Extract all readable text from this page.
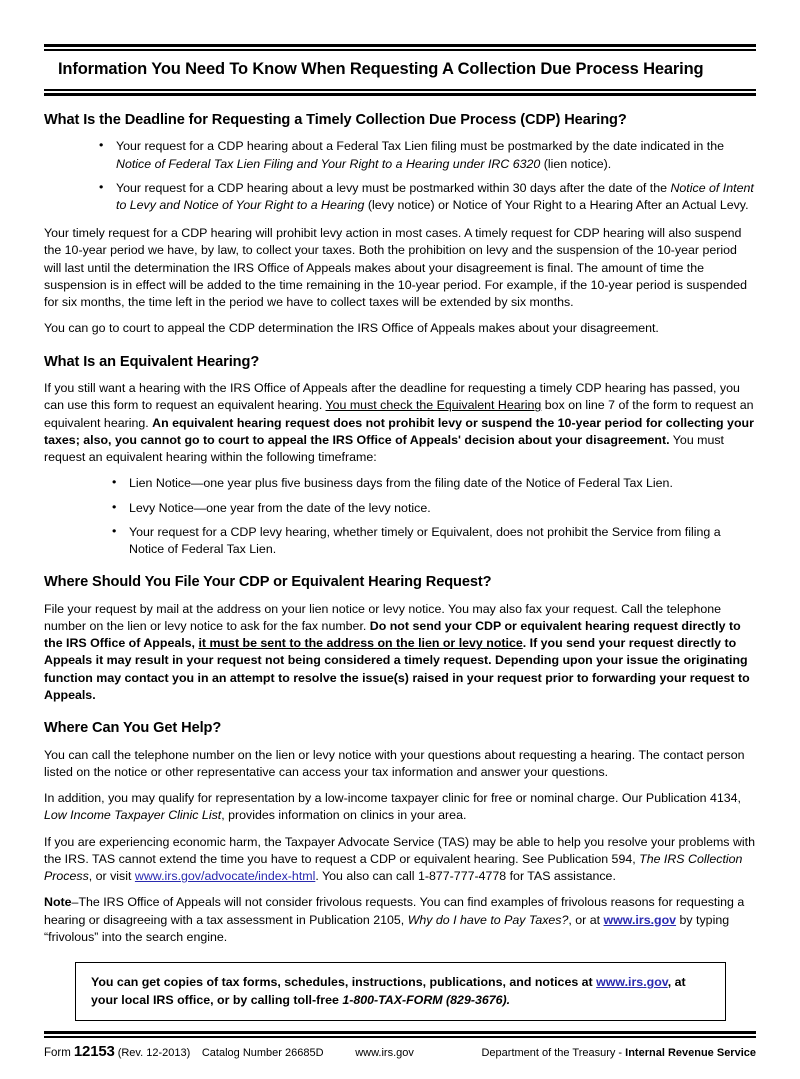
Information You Need To Know When Requesting A Collection Due Process Hearing
What Is the Deadline for Requesting a Timely Collection Due Process (CDP) Hearing?
• Your request for a CDP hearing about a Federal Tax Lien filing must be postmarked by the date indicated in the Notice of Federal Tax Lien Filing and Your Right to a Hearing under IRC 6320 (lien notice).
• Your request for a CDP hearing about a levy must be postmarked within 30 days after the date of the Notice of Intent to Levy and Notice of Your Right to a Hearing (levy notice) or Notice of Your Right to a Hearing After an Actual Levy.

Your timely request for a CDP hearing will prohibit levy action in most cases. A timely request for CDP hearing will also suspend the 10-year period we have, by law, to collect your taxes. Both the prohibition on levy and the suspension of the 10-year period will last until the determination the IRS Office of Appeals makes about your disagreement is final. The amount of time the suspension is in effect will be added to the time remaining in the 10-year period. For example, if the 10-year period is suspended for six months, the time left in the period we have to collect taxes will be extended by six months.

You can go to court to appeal the CDP determination the IRS Office of Appeals makes about your disagreement.

What Is an Equivalent Hearing?

If you still want a hearing with the IRS Office of Appeals after the deadline for requesting a timely CDP hearing has passed, you can use this form to request an equivalent hearing. You must check the Equivalent Hearing box on line 7 of the form to request an equivalent hearing. An equivalent hearing request does not prohibit levy or suspend the 10-year period for collecting your taxes; also, you cannot go to court to appeal the IRS Office of Appeals' decision about your disagreement. You must request an equivalent hearing within the following timeframe:

• Lien Notice—one year plus five business days from the filing date of the Notice of Federal Tax Lien.
• Levy Notice—one year from the date of the levy notice.
• Your request for a CDP levy hearing, whether timely or Equivalent, does not prohibit the Service from filing a Notice of Federal Tax Lien.
Where Should You File Your CDP or Equivalent Hearing Request?

File your request by mail at the address on your lien notice or levy notice. You may also fax your request. Call the telephone number on the lien or levy notice to ask for the fax number. Do not send your CDP or equivalent hearing request directly to the IRS Office of Appeals, it must be sent to the address on the lien or levy notice. If you send your request directly to Appeals it may result in your request not being considered a timely request. Depending upon your issue the originating function may contact you in an attempt to resolve the issue(s) raised in your request prior to forwarding your request to Appeals.

Where Can You Get Help?

You can call the telephone number on the lien or levy notice with your questions about requesting a hearing. The contact person listed on the notice or other representative can access your tax information and answer your questions.

In addition, you may qualify for representation by a low-income taxpayer clinic for free or nominal charge. Our Publication 4134, Low Income Taxpayer Clinic List, provides information on clinics in your area.

If you are experiencing economic harm, the Taxpayer Advocate Service (TAS) may be able to help you resolve your problems with the IRS. TAS cannot extend the time you have to request a CDP or equivalent hearing. See Publication 594, The IRS Collection Process, or visit www.irs.gov/advocate/index-html. You also can call 1-877-777-4778 for TAS assistance.

Note–The IRS Office of Appeals will not consider frivolous requests. You can find examples of frivolous reasons for requesting a hearing or disagreeing with a tax assessment in Publication 2105, Why do I have to Pay Taxes?, or at www.irs.gov by typing “frivolous” into the search engine.

You can get copies of tax forms, schedules, instructions, publications, and notices at www.irs.gov, at your local IRS office, or by calling toll-free 1-800-TAX-FORM (829-3676).
Form 12153 (Rev. 12-2013)	Catalog Number 26685D	www.irs.gov	Department of the Treasury - Internal Revenue Service
